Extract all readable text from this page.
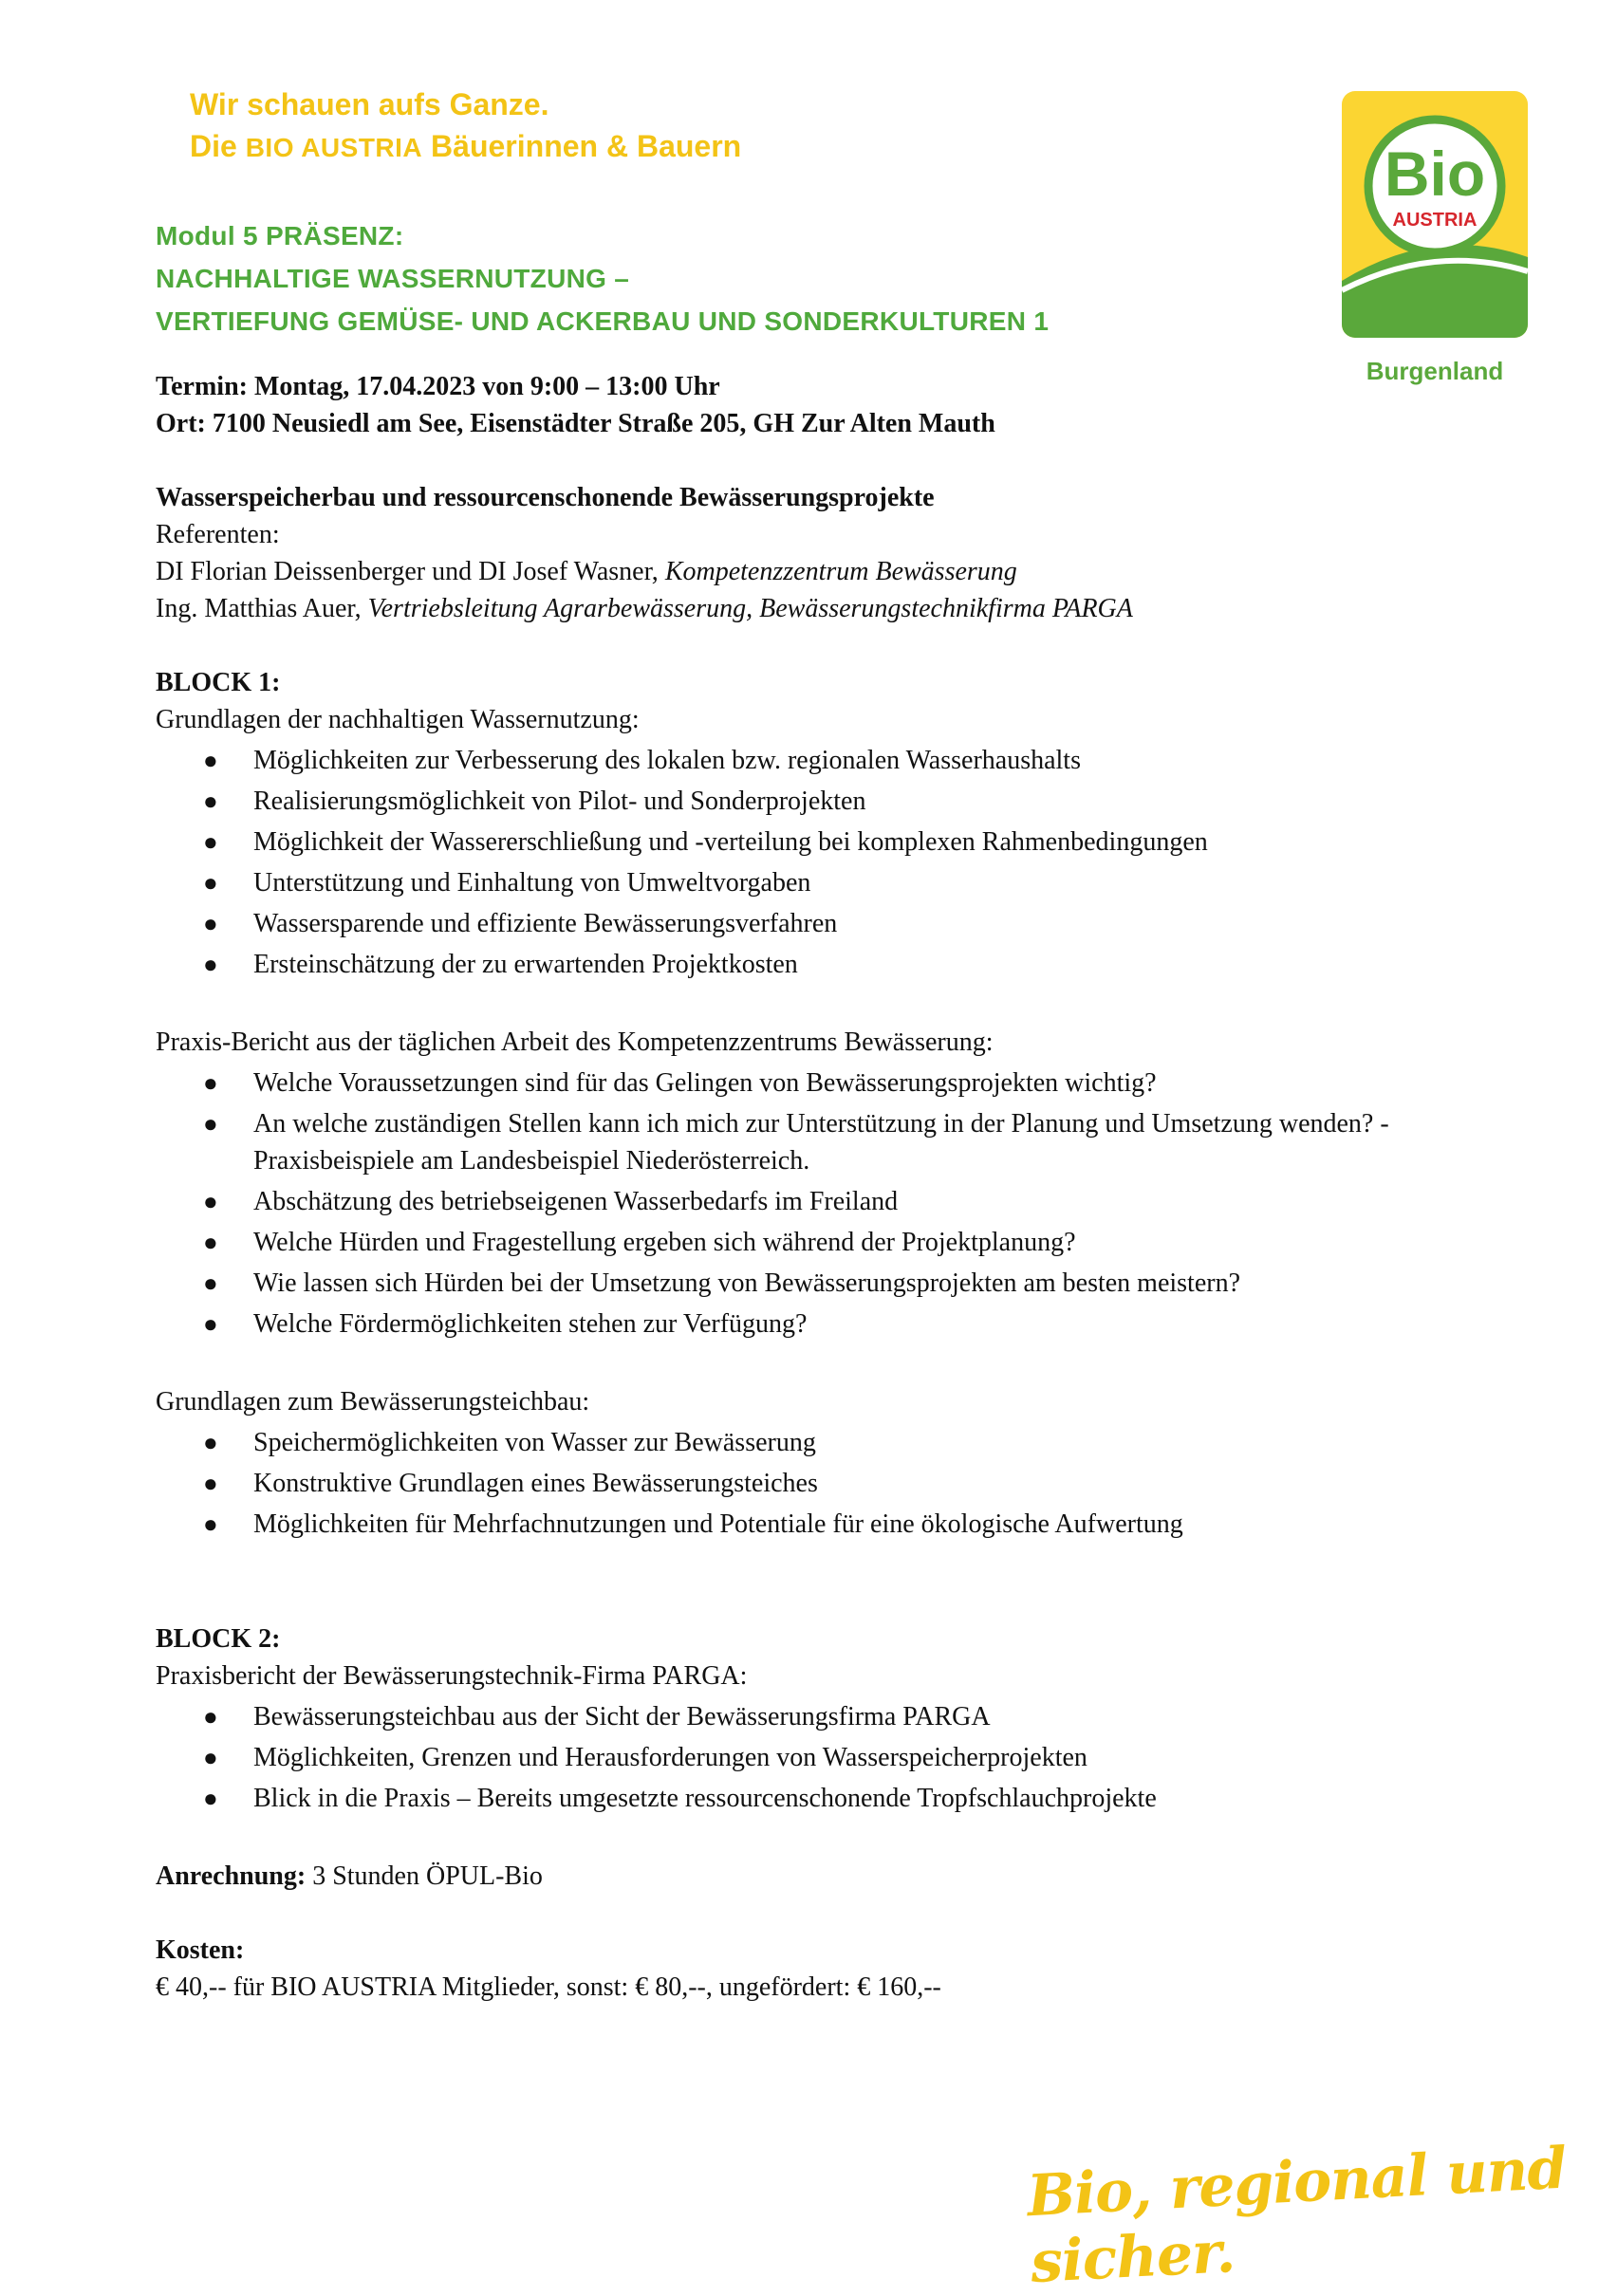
Wir schauen aufs Ganze.
Die BIO AUSTRIA Bäuerinnen & Bauern	Bio
AUSTRIA
Burgenland
Modul 5 PRÄSENZ:
NACHHALTIGE WASSERNUTZUNG –
VERTIEFUNG GEMÜSE- UND ACKERBAU UND SONDERKULTUREN 1

Termin: Montag, 17.04.2023 von 9:00 – 13:00 Uhr

Ort: 7100 Neusiedl am See, Eisenstädter Straße 205, GH Zur Alten Mauth

Wasserspeicherbau und ressourcenschonende Bewässerungsprojekte

Referenten:

DI Florian Deissenberger und DI Josef Wasner, Kompetenzzentrum Bewässerung

Ing. Matthias Auer, Vertriebsleitung Agrarbewässerung, Bewässerungstechnikfirma PARGA

BLOCK 1:

Grundlagen der nachhaltigen Wassernutzung:

● Möglichkeiten zur Verbesserung des lokalen bzw. regionalen Wasserhaushalts
● Realisierungsmöglichkeit von Pilot- und Sonderprojekten
● Möglichkeit der Wassererschließung und -verteilung bei komplexen Rahmenbedingungen
● Unterstützung und Einhaltung von Umweltvorgaben
● Wassersparende und effiziente Bewässerungsverfahren
● Ersteinschätzung der zu erwartenden Projektkosten

Praxis-Bericht aus der täglichen Arbeit des Kompetenzzentrums Bewässerung:

● Welche Voraussetzungen sind für das Gelingen von Bewässerungsprojekten wichtig?
● An welche zuständigen Stellen kann ich mich zur Unterstützung in der Planung und Umsetzung wenden? - Praxisbeispiele am Landesbeispiel Niederösterreich.
● Abschätzung des betriebseigenen Wasserbedarfs im Freiland
● Welche Hürden und Fragestellung ergeben sich während der Projektplanung?
● Wie lassen sich Hürden bei der Umsetzung von Bewässerungsprojekten am besten meistern?
● Welche Fördermöglichkeiten stehen zur Verfügung?

Grundlagen zum Bewässerungsteichbau:

● Speichermöglichkeiten von Wasser zur Bewässerung
● Konstruktive Grundlagen eines Bewässerungsteiches
● Möglichkeiten für Mehrfachnutzungen und Potentiale für eine ökologische Aufwertung

BLOCK 2:

Praxisbericht der Bewässerungstechnik-Firma PARGA:

● Bewässerungsteichbau aus der Sicht der Bewässerungsfirma PARGA
● Möglichkeiten, Grenzen und Herausforderungen von Wasserspeicherprojekten
● Blick in die Praxis – Bereits umgesetzte ressourcenschonende Tropfschlauchprojekte

Anrechnung: 3 Stunden ÖPUL-Bio

Kosten:

€ 40,-- für BIO AUSTRIA Mitglieder, sonst: € 80,--, ungefördert: € 160,--

Bio, regional und sicher.
